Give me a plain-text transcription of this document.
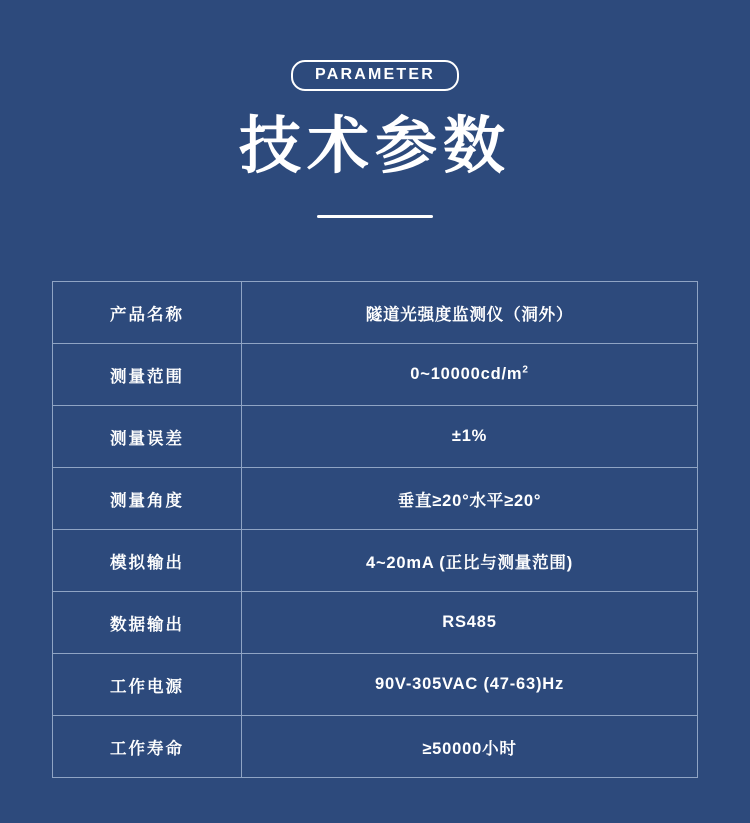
PARAMETER
技术参数
产品名称	隧道光强度监测仪（洞外）
测量范围	$0\sim 10000cd/m^2$
测量误差	±1%
测量角度	垂直≥20°水平≥20°
模拟输出	4~20mA (正比与测量范围)
数据输出	RS485
工作电源	90V-305VAC (47-63)Hz
工作寿命	≥50000小时
